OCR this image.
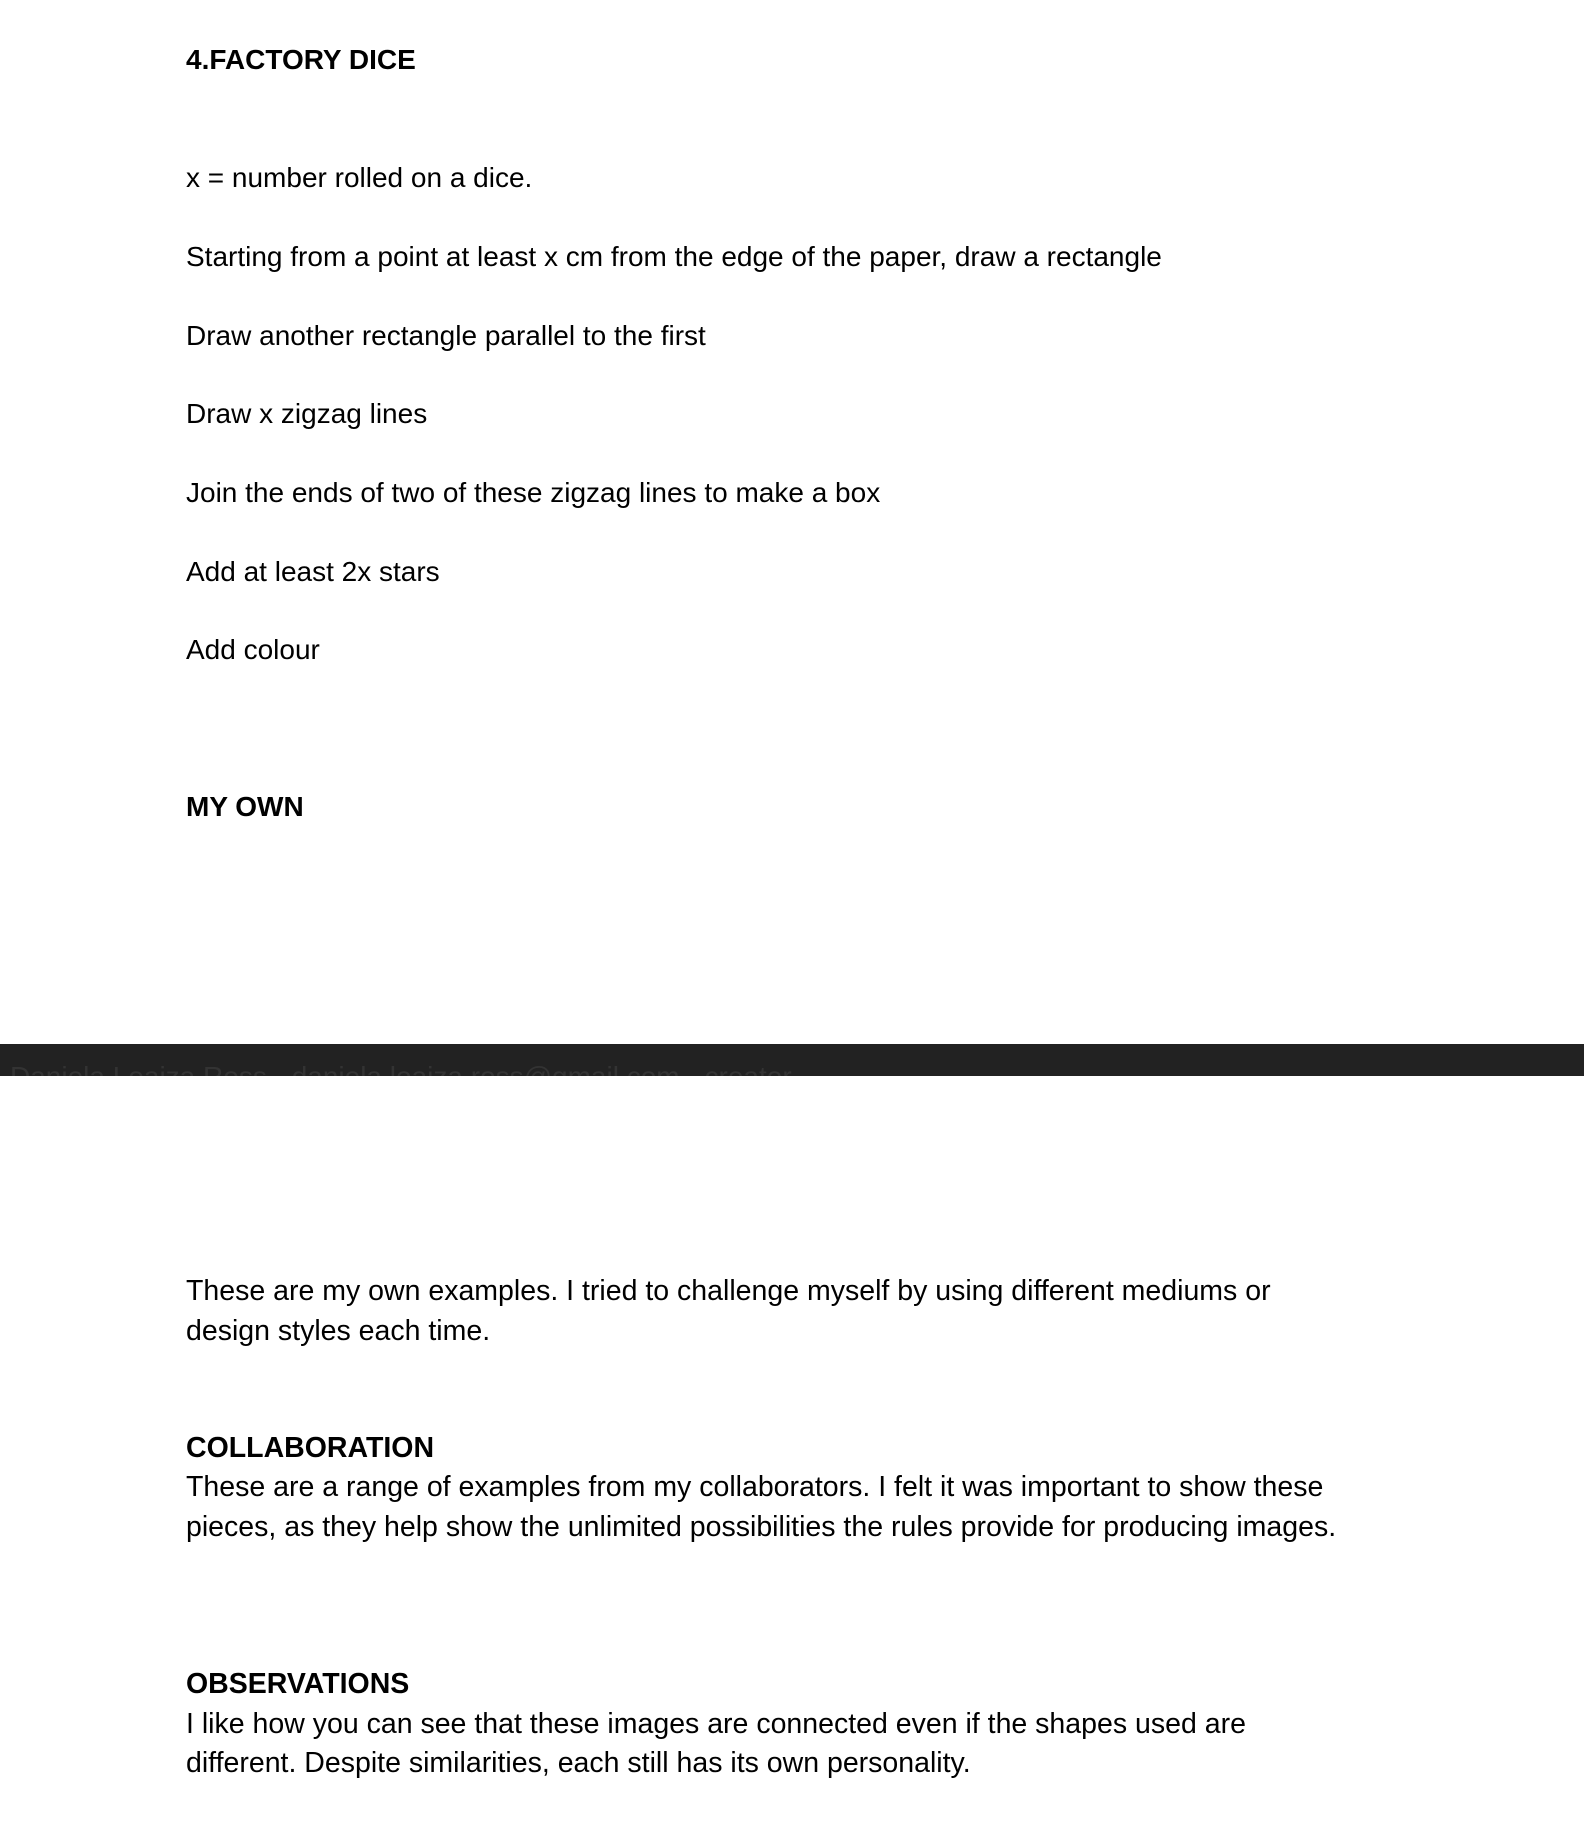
4.FACTORY DICE
x = number rolled on a dice.
Starting from a point at least x cm from the edge of the paper, draw a rectangle
Draw another rectangle parallel to the first
Draw x zigzag lines
Join the ends of two of these zigzag lines to make a box
Add at least 2x stars
Add colour
MY OWN
These are my own examples. I tried to challenge myself by using different mediums or
design styles each time.
COLLABORATION
These are a range of examples from my collaborators. I felt it was important to show these
pieces, as they help show the unlimited possibilities the rules provide for producing images.
OBSERVATIONS
I like how you can see that these images are connected even if the shapes used are
different. Despite similarities, each still has its own personality.
